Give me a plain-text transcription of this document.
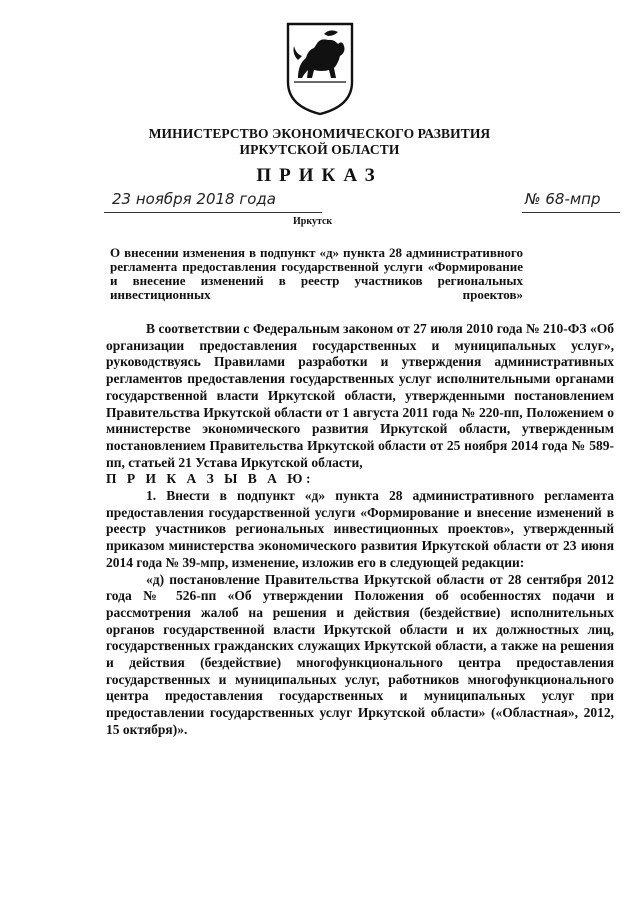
МИНИСТЕРСТВО ЭКОНОМИЧЕСКОГО РАЗВИТИЯ
ИРКУТСКОЙ ОБЛАСТИ
ПРИКАЗ
23 ноября 2018 года	№ 68-мпр
Иркутск
О внесении изменения в подпункт «д» пункта 28 административного регламента предоставления государственной услуги «Формирование и внесение изменений в реестр участников региональных инвестиционных проектов»

В соответствии с Федеральным законом от 27 июля 2010 года № 210-ФЗ «Об организации предоставления государственных и муниципальных услуг», руководствуясь Правилами разработки и утверждения административных регламентов предоставления государственных услуг исполнительными органами государственной власти Иркутской области, утвержденными постановлением Правительства Иркутской области от 1 августа 2011 года № 220-пп, Положением о министерстве экономического развития Иркутской области, утвержденным постановлением Правительства Иркутской области от 25 ноября 2014 года № 589-пп, статьей 21 Устава Иркутской области,

П Р И К А З Ы В А Ю:

1. Внести в подпункт «д» пункта 28 административного регламента предоставления государственной услуги «Формирование и внесение изменений в реестр участников региональных инвестиционных проектов», утвержденный приказом министерства экономического развития Иркутской области от 23 июня 2014 года № 39-мпр, изменение, изложив его в следующей редакции:

«д) постановление Правительства Иркутской области от 28 сентября 2012 года № 526-пп «Об утверждении Положения об особенностях подачи и рассмотрения жалоб на решения и действия (бездействие) исполнительных органов государственной власти Иркутской области и их должностных лиц, государственных гражданских служащих Иркутской области, а также на решения и действия (бездействие) многофункционального центра предоставления государственных и муниципальных услуг, работников многофункционального центра предоставления государственных и муниципальных услуг при предоставлении государственных услуг Иркутской области» («Областная», 2012, 15 октября)».
